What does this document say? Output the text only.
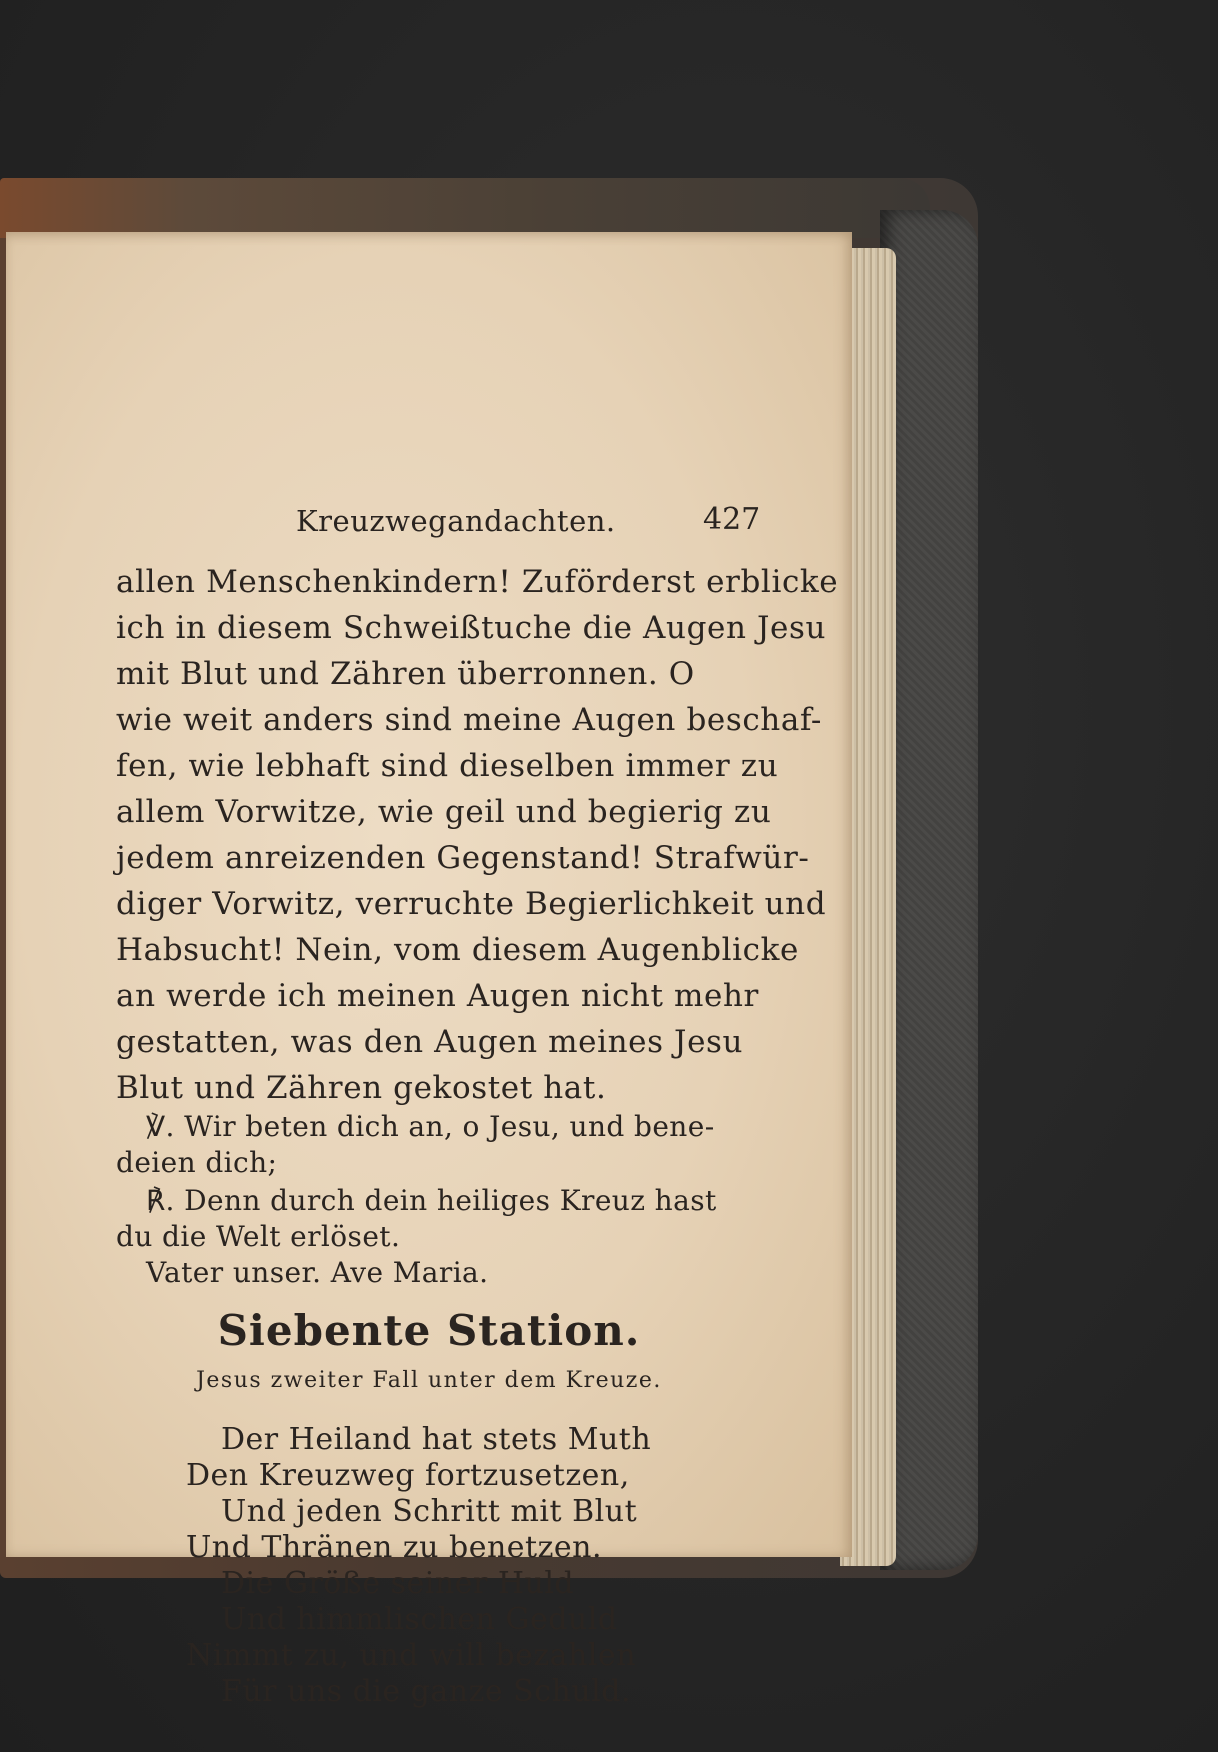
Kreuzwegandachten.	427
allen Menschenkindern! Zuförderst erblicke
ich in diesem Schweißtuche die Augen Jesu
mit Blut und Zähren überronnen. O
wie weit anders sind meine Augen beschaf-
fen, wie lebhaft sind dieselben immer zu
allem Vorwitze, wie geil und begierig zu
jedem anreizenden Gegenstand! Strafwür-
diger Vorwitz, verruchte Begierlichkeit und
Habsucht! Nein, vom diesem Augenblicke
an werde ich meinen Augen nicht mehr
gestatten, was den Augen meines Jesu
Blut und Zähren gekostet hat.
℣. Wir beten dich an, o Jesu, und bene-
deien dich;
℟. Denn durch dein heiliges Kreuz hast
du die Welt erlöset.
Vater unser. Ave Maria.
Siebente Station.
Jesus zweiter Fall unter dem Kreuze.
Der Heiland hat stets Muth
Den Kreuzweg fortzusetzen,
Und jeden Schritt mit Blut
Und Thränen zu benetzen.
Die Größe seiner Huld
Und himmlischen Geduld
Nimmt zu, und will bezahlen
Für uns die ganze Schuld.
